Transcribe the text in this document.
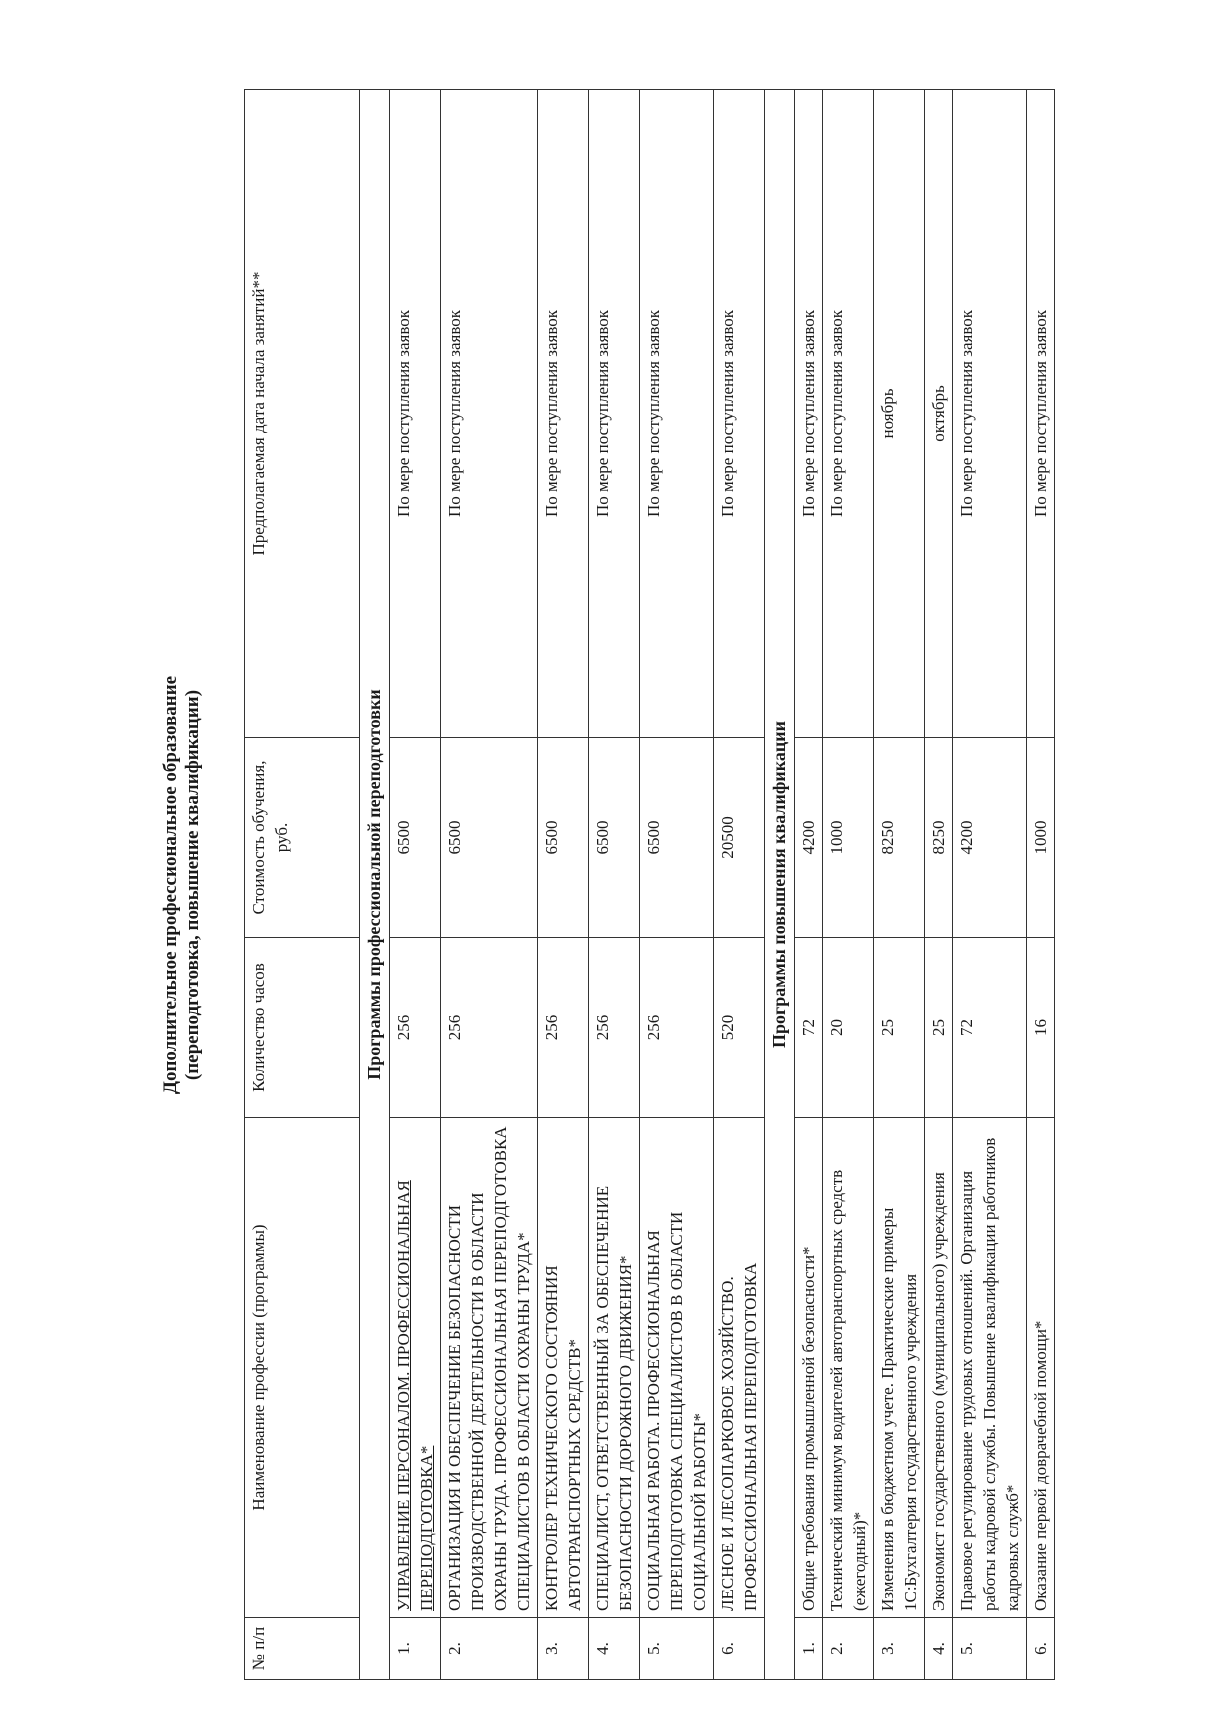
Дополнительное профессиональное образование (переподготовка, повышение квалификации)
№ п/п	Наименование профессии (программы)	Количество часов	Стоимость обучения, руб.	Предполагаемая дата начала занятий**
Программы профессиональной переподготовки				
1.	УПРАВЛЕНИЕ ПЕРСОНАЛОМ. ПРОФЕССИОНАЛЬНАЯ ПЕРЕПОДГОТОВКА*	256	6500	По мере поступления заявок
2.	ОРГАНИЗАЦИЯ И ОБЕСПЕЧЕНИЕ БЕЗОПАСНОСТИ ПРОИЗВОДСТВЕННОЙ ДЕЯТЕЛЬНОСТИ В ОБЛАСТИ ОХРАНЫ ТРУДА. ПРОФЕССИОНАЛЬНАЯ ПЕРЕПОДГОТОВКА СПЕЦИАЛИСТОВ В ОБЛАСТИ ОХРАНЫ ТРУДА*	256	6500	По мере поступления заявок
3.	КОНТРОЛЕР ТЕХНИЧЕСКОГО СОСТОЯНИЯ АВТОТРАНСПОРТНЫХ СРЕДСТВ*	256	6500	По мере поступления заявок
4.	СПЕЦИАЛИСТ, ОТВЕТСТВЕННЫЙ ЗА ОБЕСПЕЧЕНИЕ БЕЗОПАСНОСТИ ДОРОЖНОГО ДВИЖЕНИЯ*	256	6500	По мере поступления заявок
5.	СОЦИАЛЬНАЯ РАБОТА. ПРОФЕССИОНАЛЬНАЯ ПЕРЕПОДГОТОВКА СПЕЦИАЛИСТОВ В ОБЛАСТИ СОЦИАЛЬНОЙ РАБОТЫ*	256	6500	По мере поступления заявок
6.	ЛЕСНОЕ И ЛЕСОПАРКОВОЕ ХОЗЯЙСТВО. ПРОФЕССИОНАЛЬНАЯ ПЕРЕПОДГОТОВКА	520	20500	По мере поступления заявок
Программы повышения квалификации				
1.	Общие требования промышленной безопасности*	72	4200	По мере поступления заявок
2.	Технический минимум водителей автотранспортных средств (ежегодный)*	20	1000	По мере поступления заявок
3.	Изменения в бюджетном учете. Практические примеры 1С:Бухгалтерия государственного учреждения	25	8250	ноябрь
4.	Экономист государственного (муниципального) учреждения	25	8250	октябрь
5.	Правовое регулирование трудовых отношений. Организация работы кадровой службы. Повышение квалификации работников кадровых служб*	72	4200	По мере поступления заявок
6.	Оказание первой доврачебной помощи*	16	1000	По мере поступления заявок
